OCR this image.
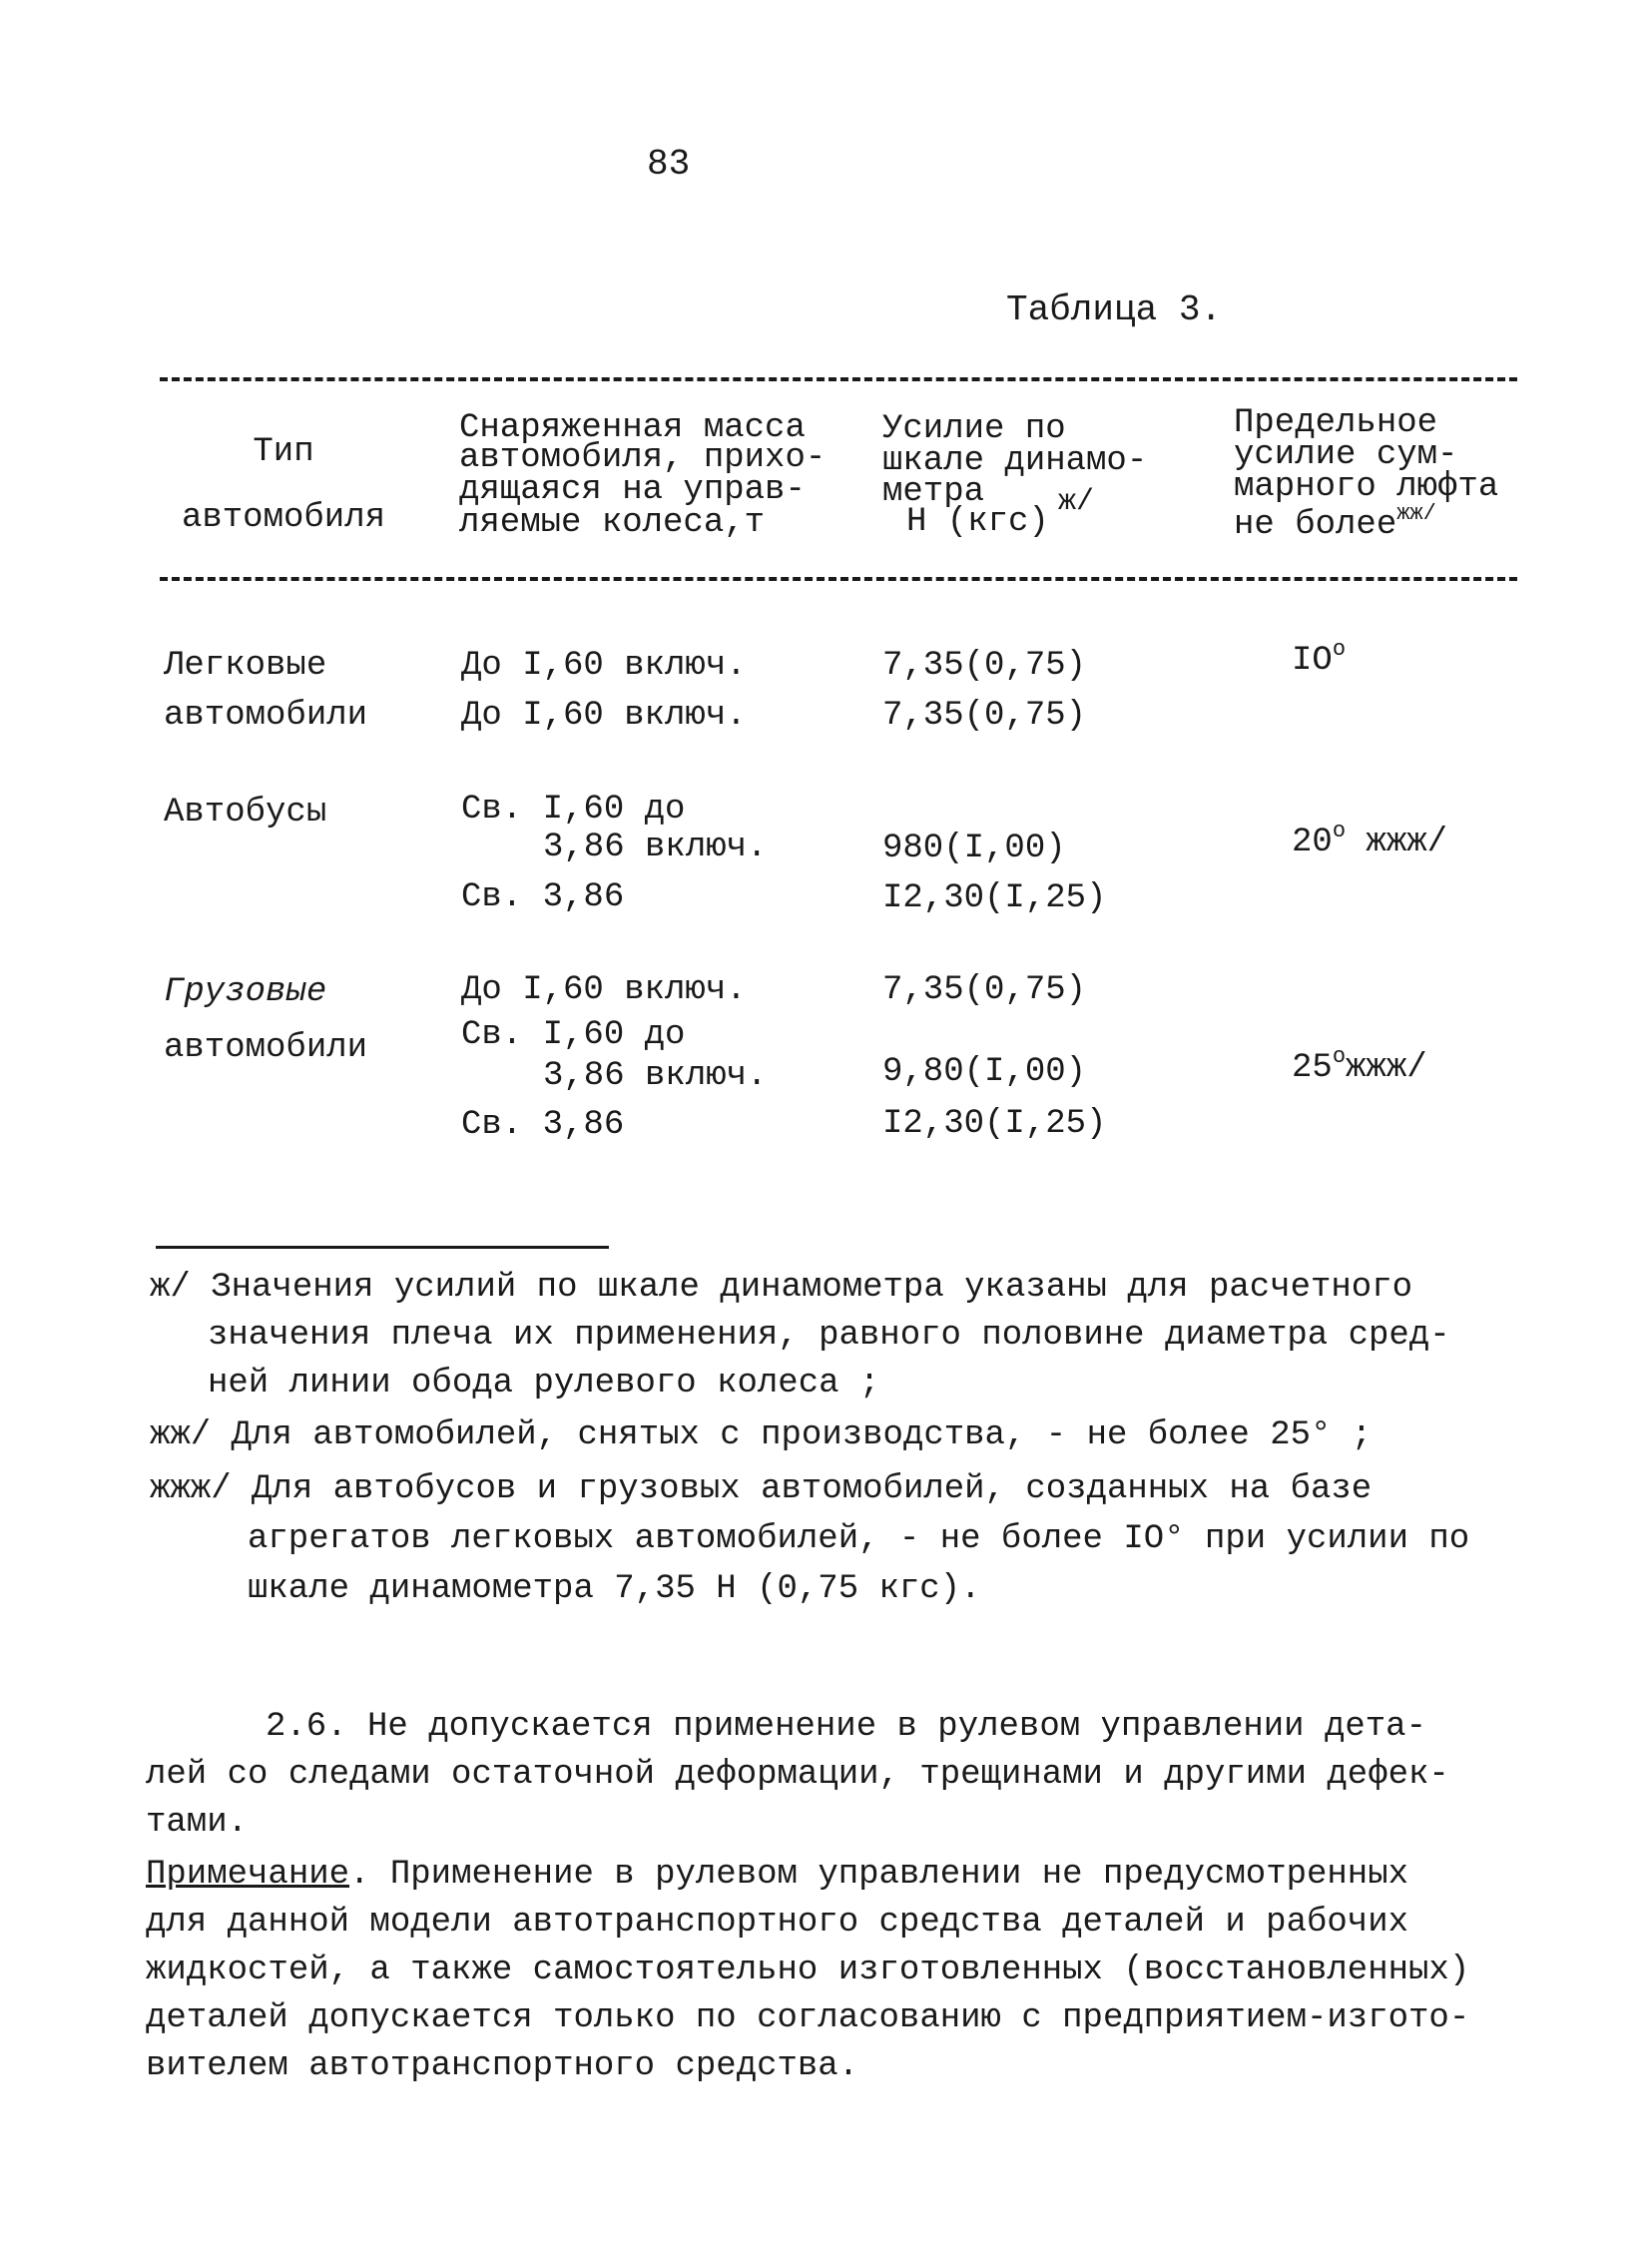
83
Таблица 3.
Тип
автомобиля
Снаряженная масса
автомобиля, прихо-
дящаяся на управ-
ляемые колеса,т
Усилие по
шкале динамо-
метра
Н (кгс)
ж/
Предельное
усилие сум-
марного люфта
не более$^{жж/}$
Легковые
автомобили
До I,60 включ.
До I,60 включ.
7,35(0,75)
7,35(0,75)
$IO^o$
Автобусы	Св. I,60 до
3,86 включ.
Св. 3,86
980(I,00)
I2,30(I,25)
20$^o$ жжж/
Грузовые
автомобили
До I,60 включ.
Св. I,60 до
3,86 включ.
Св. 3,86
7,35(0,75)
9,80(I,00)
I2,30(I,25)
25$^o$жжж/
ж/ Значения усилий по шкале динамометра указаны для расчетного
значения плеча их применения, равного половине диаметра сред-
ней линии обода рулевого колеса ;
жж/ Для автомобилей, снятых с производства, - не более 25° ;
жжж/ Для автобусов и грузовых автомобилей, созданных на базе
агрегатов легковых автомобилей, - не более IO° при усилии по
шкале динамометра 7,35 Н (0,75 кгс).
2.6. Не допускается применение в рулевом управлении дета-
лей со следами остаточной деформации, трещинами и другими дефек-
тами.
Примечание. Применение в рулевом управлении не предусмотренных
для данной модели автотранспортного средства деталей и рабочих
жидкостей, а также самостоятельно изготовленных (восстановленных)
деталей допускается только по согласованию с предприятием-изгото-
вителем автотранспортного средства.
